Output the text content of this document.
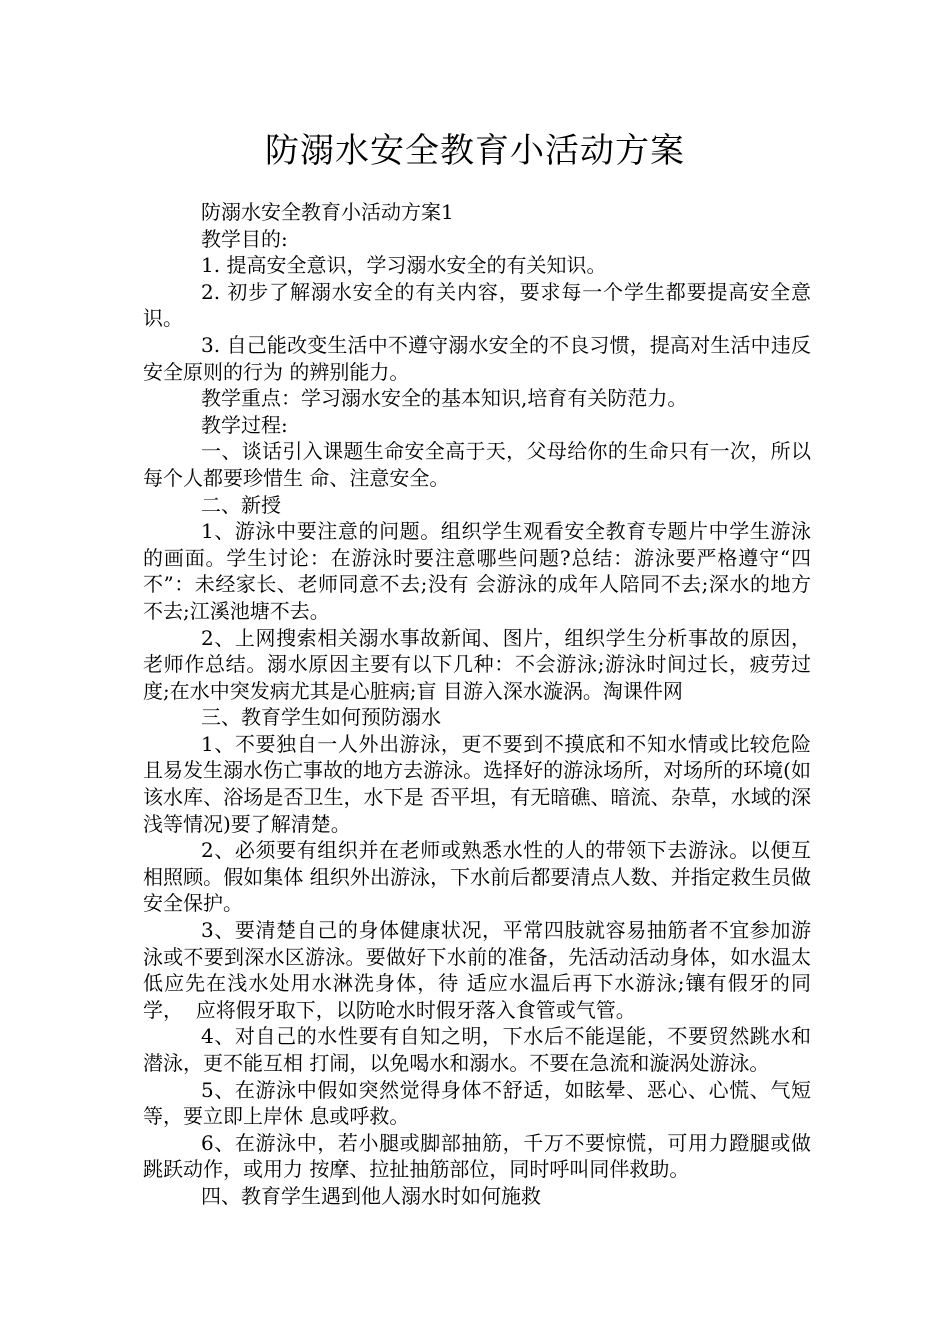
防溺水安全教育小活动方案

防溺水安全教育小活动方案1

教学目的:

1. 提高安全意识，学习溺水安全的有关知识。

2. 初步了解溺水安全的有关内容，要求每一个学生都要提高安全意识。

3. 自己能改变生活中不遵守溺水安全的不良习惯，提高对生活中违反安全原则的行为 的辨别能力。

教学重点：学习溺水安全的基本知识,培育有关防范力。

教学过程:

一、谈话引入课题生命安全高于天，父母给你的生命只有一次，所以每个人都要珍惜生 命、注意安全。

二、新授

1、游泳中要注意的问题。组织学生观看安全教育专题片中学生游泳的画面。学生讨论：在游泳时要注意哪些问题?总结：游泳要严格遵守“四不”：未经家长、老师同意不去;没有 会游泳的成年人陪同不去;深水的地方不去;江溪池塘不去。

2、上网搜索相关溺水事故新闻、图片，组织学生分析事故的原因，老师作总结。溺水原因主要有以下几种：不会游泳;游泳时间过长，疲劳过度;在水中突发病尤其是心脏病;盲 目游入深水漩涡。淘课件网

三、教育学生如何预防溺水

1、不要独自一人外出游泳，更不要到不摸底和不知水情或比较危险且易发生溺水伤亡事故的地方去游泳。选择好的游泳场所，对场所的环境(如该水库、浴场是否卫生，水下是 否平坦，有无暗礁、暗流、杂草，水域的深浅等情况)要了解清楚。

2、必须要有组织并在老师或熟悉水性的人的带领下去游泳。以便互相照顾。假如集体 组织外出游泳，下水前后都要清点人数、并指定救生员做安全保护。

3、要清楚自己的身体健康状况，平常四肢就容易抽筋者不宜参加游泳或不要到深水区游泳。要做好下水前的准备，先活动活动身体，如水温太低应先在浅水处用水淋洗身体，待 适应水温后再下水游泳;镶有假牙的同学，  应将假牙取下，以防呛水时假牙落入食管或气管。

4、对自己的水性要有自知之明，下水后不能逞能，不要贸然跳水和潜泳，更不能互相 打闹，以免喝水和溺水。不要在急流和漩涡处游泳。

5、在游泳中假如突然觉得身体不舒适，如眩晕、恶心、心慌、气短等，要立即上岸休 息或呼救。

6、在游泳中，若小腿或脚部抽筋，千万不要惊慌，可用力蹬腿或做跳跃动作，或用力 按摩、拉扯抽筋部位，同时呼叫同伴救助。

四、教育学生遇到他人溺水时如何施救
